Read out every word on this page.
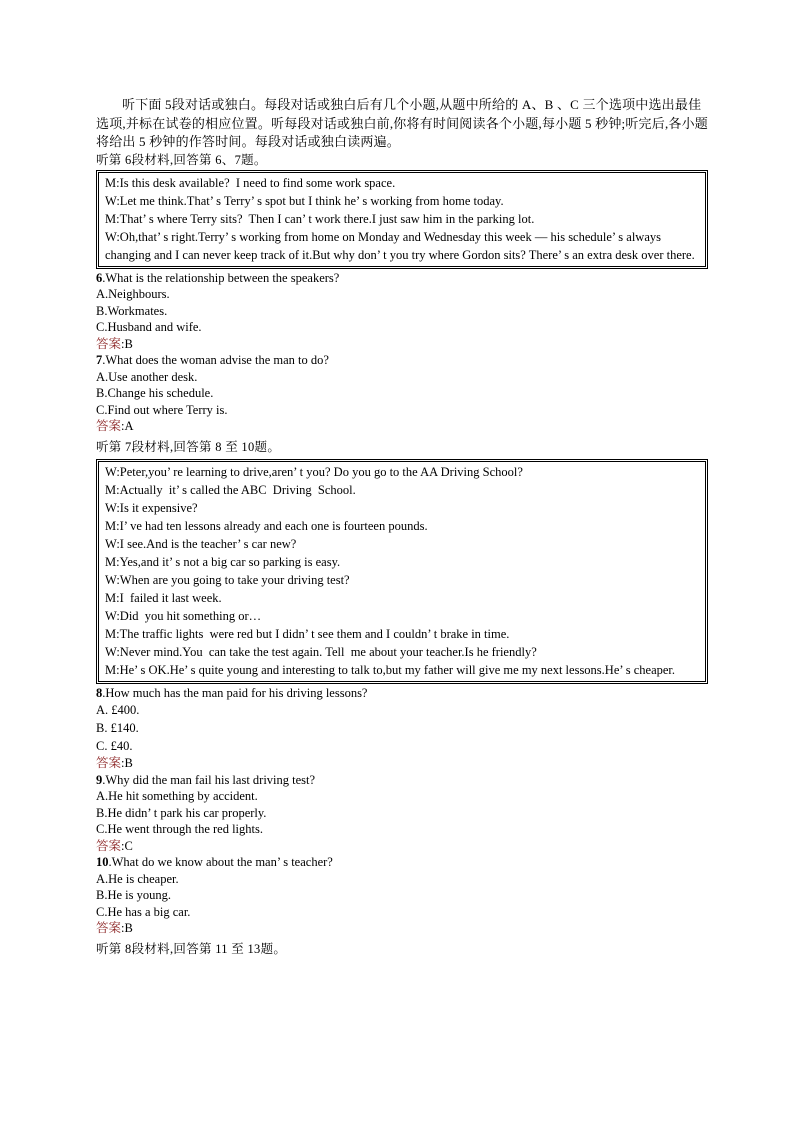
听下面 5段对话或独白。每段对话或独白后有几个小题,从题中所给的 A、B 、C 三个选项中选出最佳选项,并标在试卷的相应位置。听每段对话或独白前,你将有时间阅读各个小题,每小题 5 秒钟;听完后,各小题将给出 5 秒钟的作答时间。每段对话或独白读两遍。

听第 6段材料,回答第 6、7题。

M:Is this desk available?  I need to find some work space.

W:Let me think.That’ s Terry’ s spot but I think he’ s working from home today.

M:That’ s where Terry sits?  Then I can’ t work there.I just saw him in the parking lot.

W:Oh,that’ s right.Terry’ s working from home on Monday and Wednesday this week — his schedule’ s always changing and I can never keep track of it.But why don’ t you try where Gordon sits? There’ s an extra desk over there.

6.What is the relationship between the speakers?

A.Neighbours.

B.Workmates.

C.Husband and wife.

答案:B

7.What does the woman advise the man to do?

A.Use another desk.

B.Change his schedule.

C.Find out where Terry is.

答案:A

听第 7段材料,回答第 8 至 10题。

W:Peter,you’ re learning to drive,aren’ t you? Do you go to the AA Driving School?

M:Actually  it’ s called the ABC  Driving  School.

W:Is it expensive?

M:I’ ve had ten lessons already and each one is fourteen pounds.

W:I see.And is the teacher’ s car new?

M:Yes,and it’ s not a big car so parking is easy.

W:When are you going to take your driving test?

M:I  failed it last week.

W:Did  you hit something or…

M:The traffic lights  were red but I didn’ t see them and I couldn’ t brake in time.

W:Never mind.You  can take the test again. Tell  me about your teacher.Is he friendly?

M:He’ s OK.He’ s quite young and interesting to talk to,but my father will give me my next lessons.He’ s cheaper.

8.How much has the man paid for his driving lessons?

A. £400.

B. £140.

C. £40.

答案:B

9.Why did the man fail his last driving test?

A.He hit something by accident.

B.He didn’ t park his car properly.

C.He went through the red lights.

答案:C

10.What do we know about the man’ s teacher?

A.He is cheaper.

B.He is young.

C.He has a big car.

答案:B

听第 8段材料,回答第 11 至 13题。
